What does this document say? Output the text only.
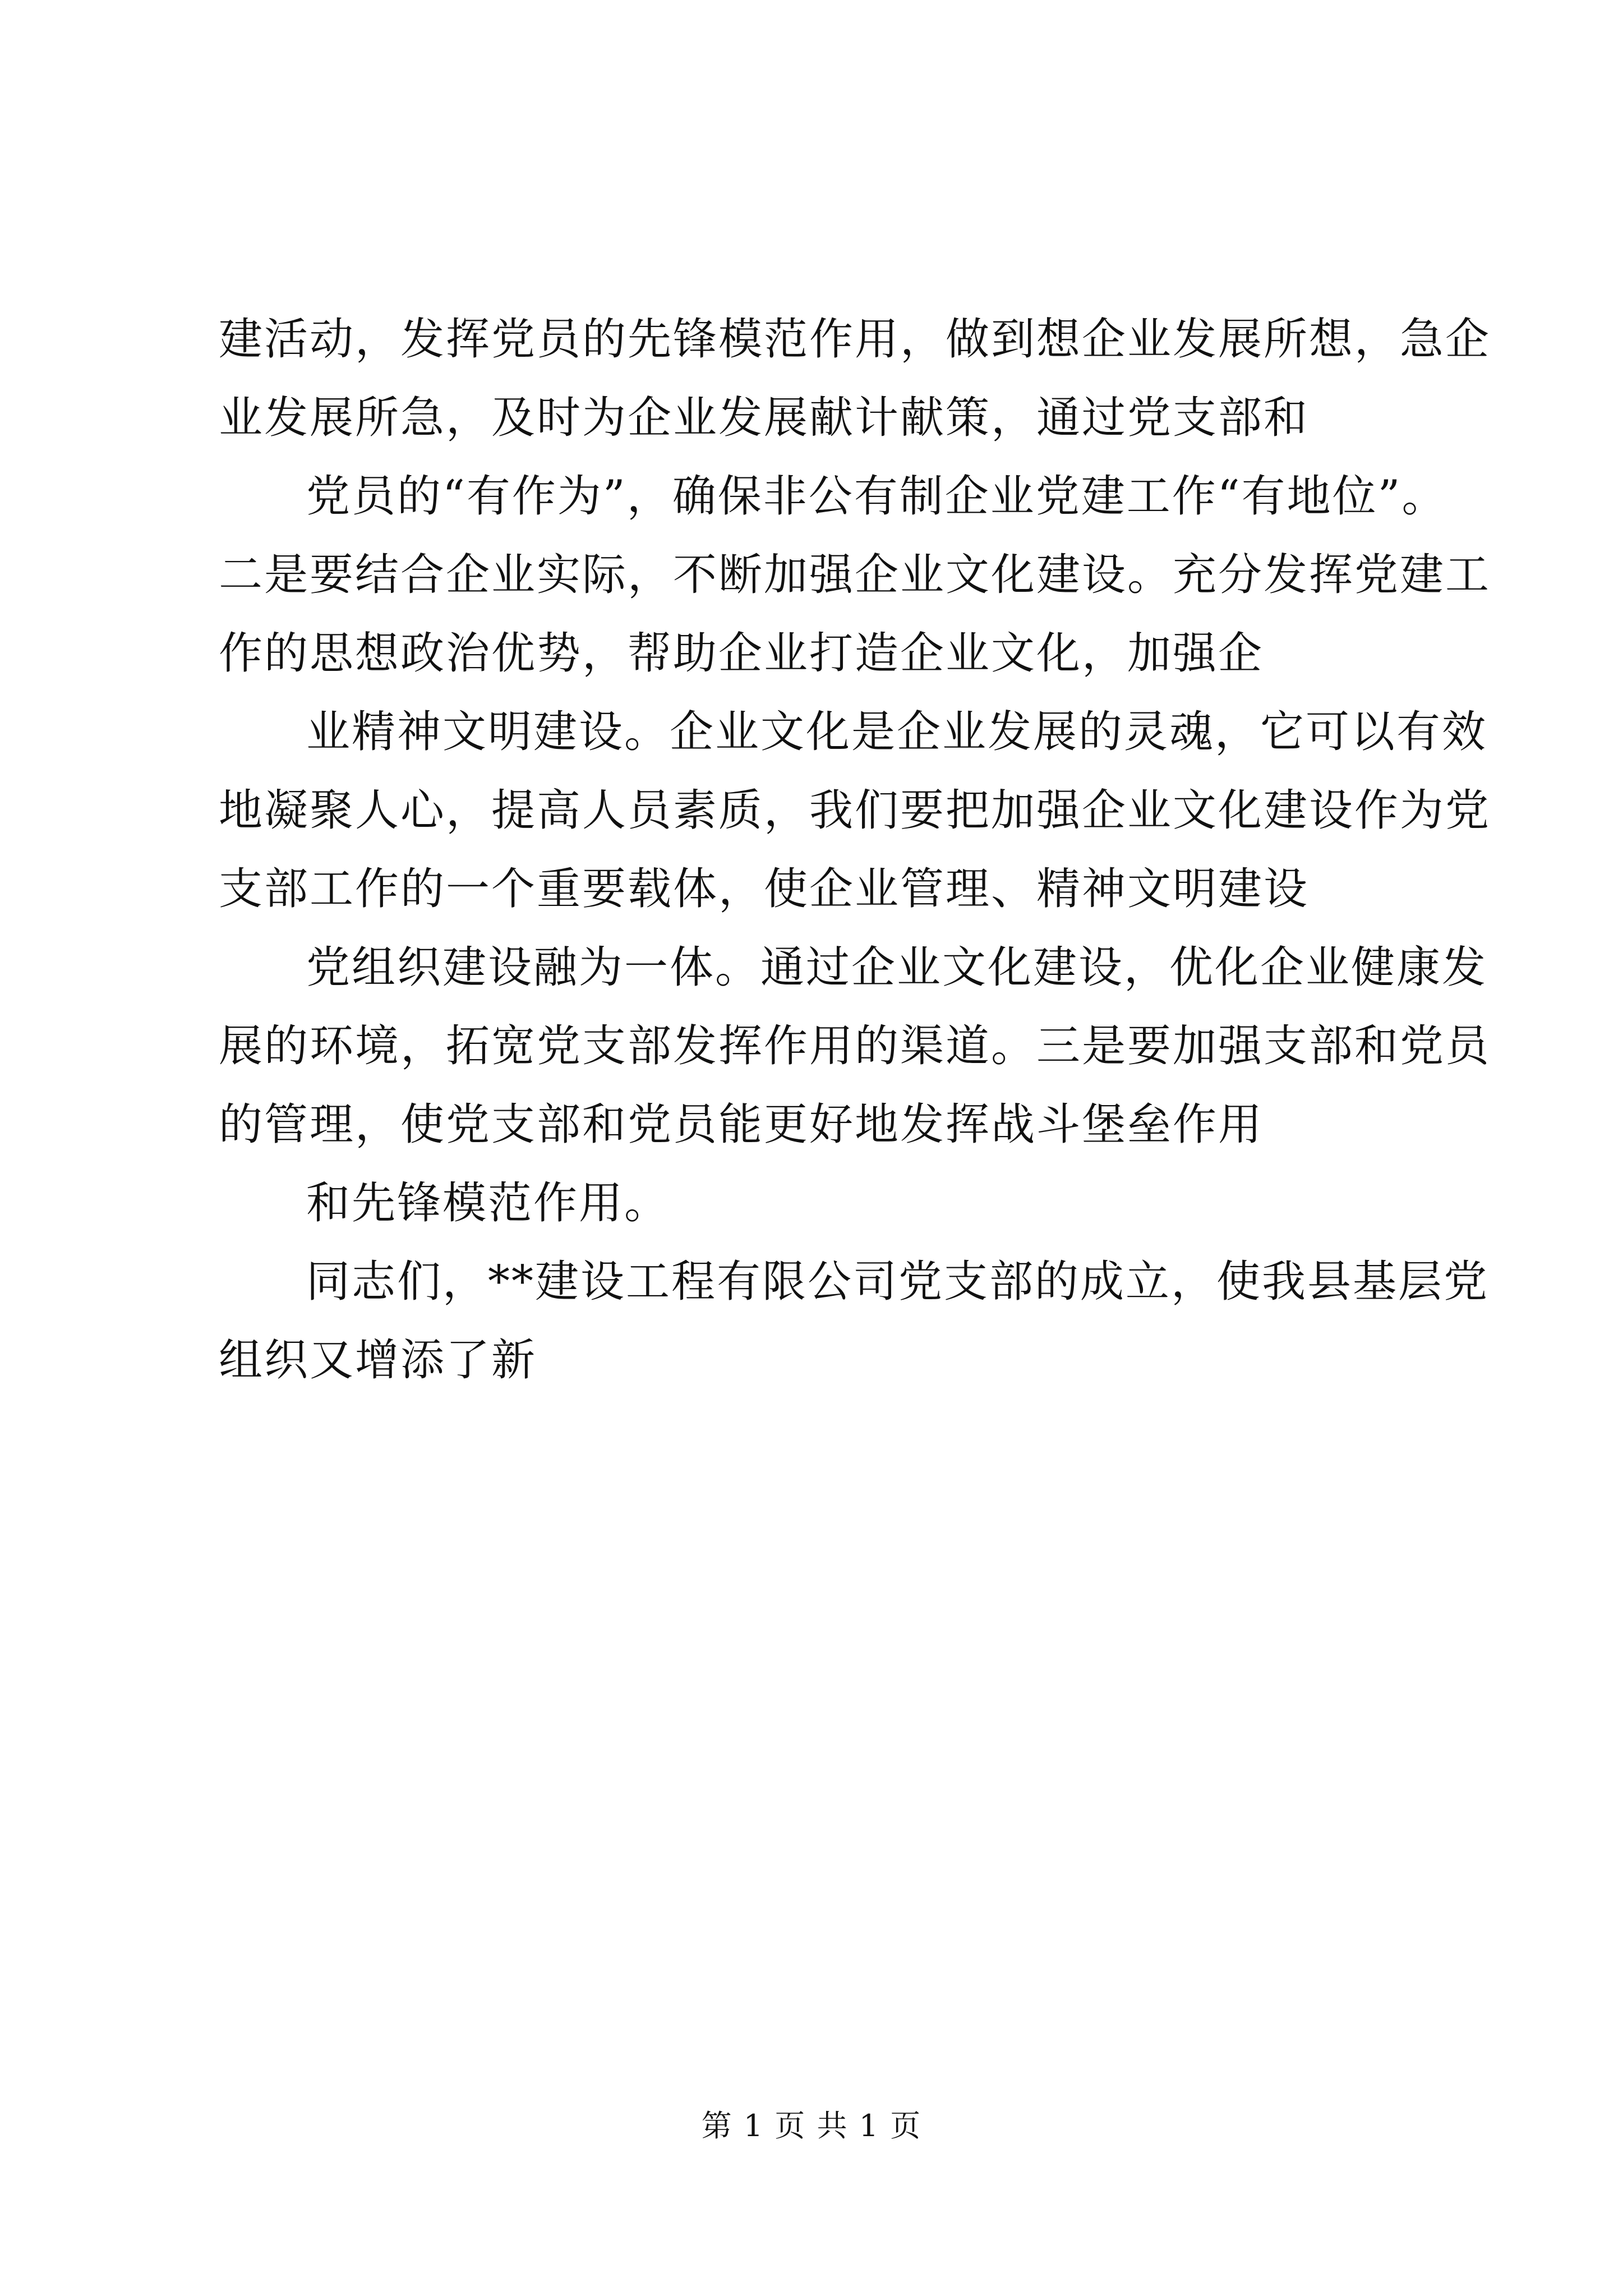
建活动，发挥党员的先锋模范作用，做到想企业发展所想，急企
业发展所急，及时为企业发展献计献策，通过党支部和
党员的“有作为”，确保非公有制企业党建工作“有地位”。
二是要结合企业实际，不断加强企业文化建设。充分发挥党建工
作的思想政治优势，帮助企业打造企业文化，加强企
业精神文明建设。企业文化是企业发展的灵魂，它可以有效
地凝聚人心，提高人员素质，我们要把加强企业文化建设作为党
支部工作的一个重要载体，使企业管理、精神文明建设
党组织建设融为一体。通过企业文化建设，优化企业健康发
展的环境，拓宽党支部发挥作用的渠道。三是要加强支部和党员
的管理，使党支部和党员能更好地发挥战斗堡垒作用
和先锋模范作用。
同志们，**建设工程有限公司党支部的成立，使我县基层党
组织又增添了新
第 1 页 共 1 页
